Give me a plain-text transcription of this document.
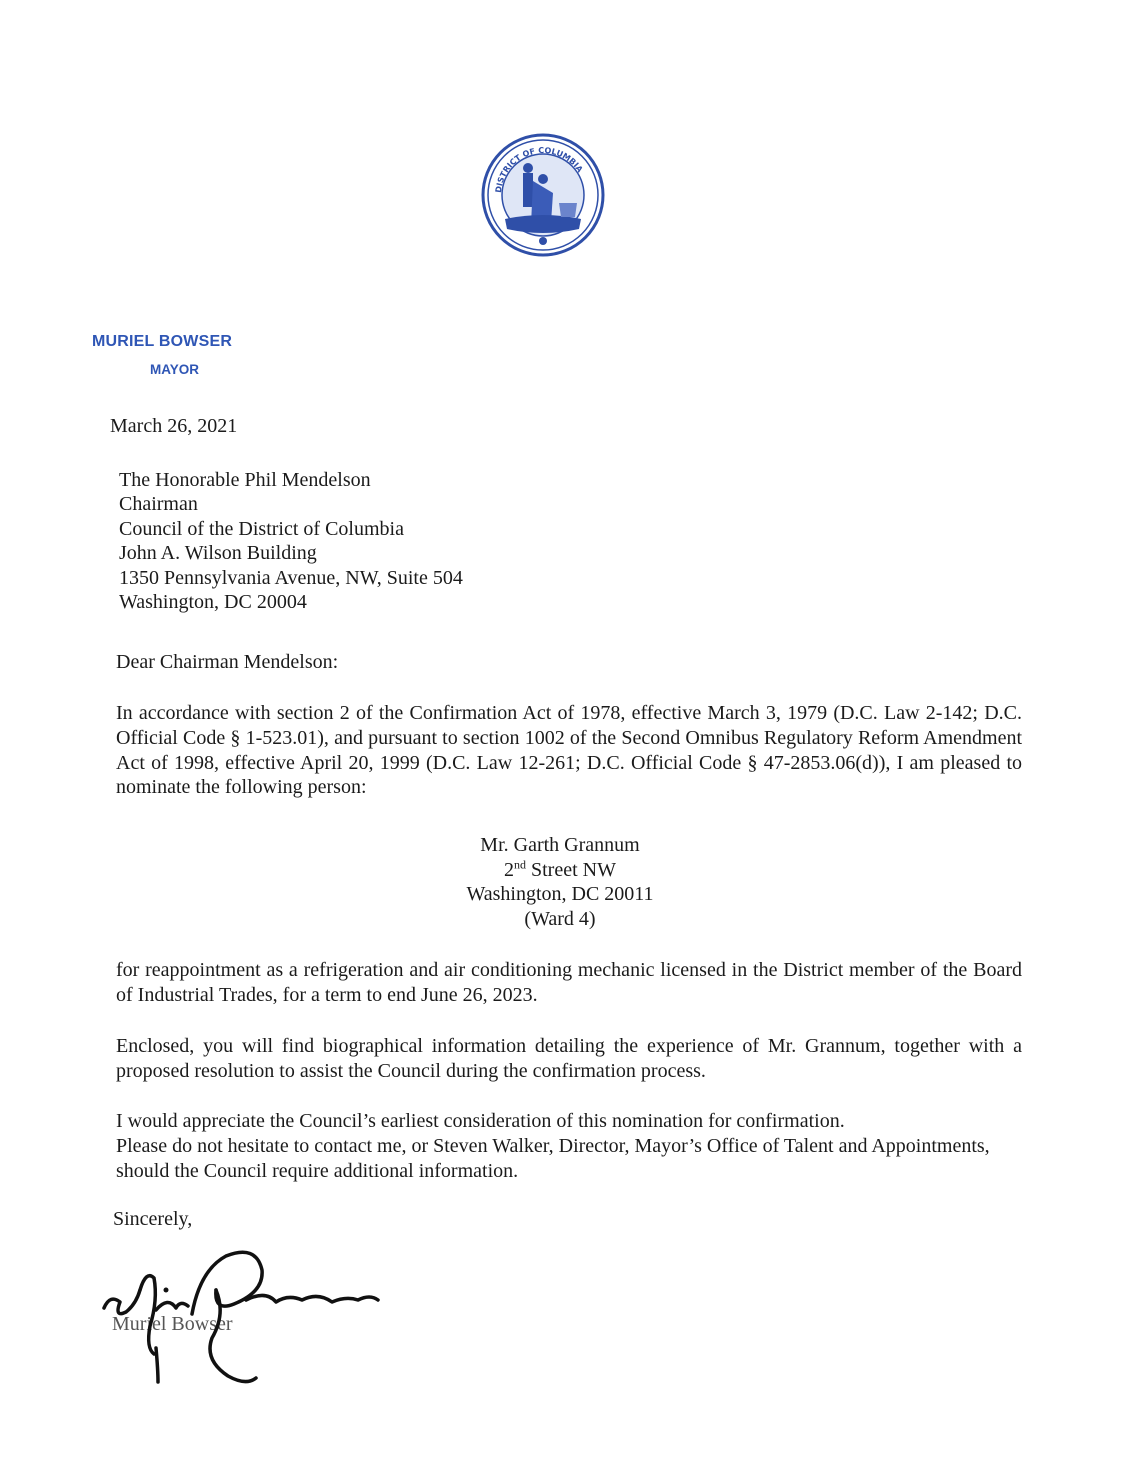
DISTRICT OF COLUMBIA
MURIEL BOWSER
MAYOR
March 26, 2021
The Honorable Phil Mendelson
Chairman
Council of the District of Columbia
John A. Wilson Building
1350 Pennsylvania Avenue, NW, Suite 504
Washington, DC 20004
Dear Chairman Mendelson:
In accordance with section 2 of the Confirmation Act of 1978, effective March 3, 1979 (D.C. Law 2-142; D.C. Official Code § 1-523.01), and pursuant to section 1002 of the Second Omnibus Regulatory Reform Amendment Act of 1998, effective April 20, 1999 (D.C. Law 12-261; D.C. Official Code § 47-2853.06(d)), I am pleased to nominate the following person:
Mr. Garth Grannum
2nd Street NW
Washington, DC 20011
(Ward 4)
for reappointment as a refrigeration and air conditioning mechanic licensed in the District member of the Board of Industrial Trades, for a term to end June 26, 2023.
Enclosed, you will find biographical information detailing the experience of Mr. Grannum, together with a proposed resolution to assist the Council during the confirmation process.
I would appreciate the Council’s earliest consideration of this nomination for confirmation.
Please do not hesitate to contact me, or Steven Walker, Director, Mayor’s Office of Talent and Appointments, should the Council require additional information.
Sincerely,
Muriel Bowser
